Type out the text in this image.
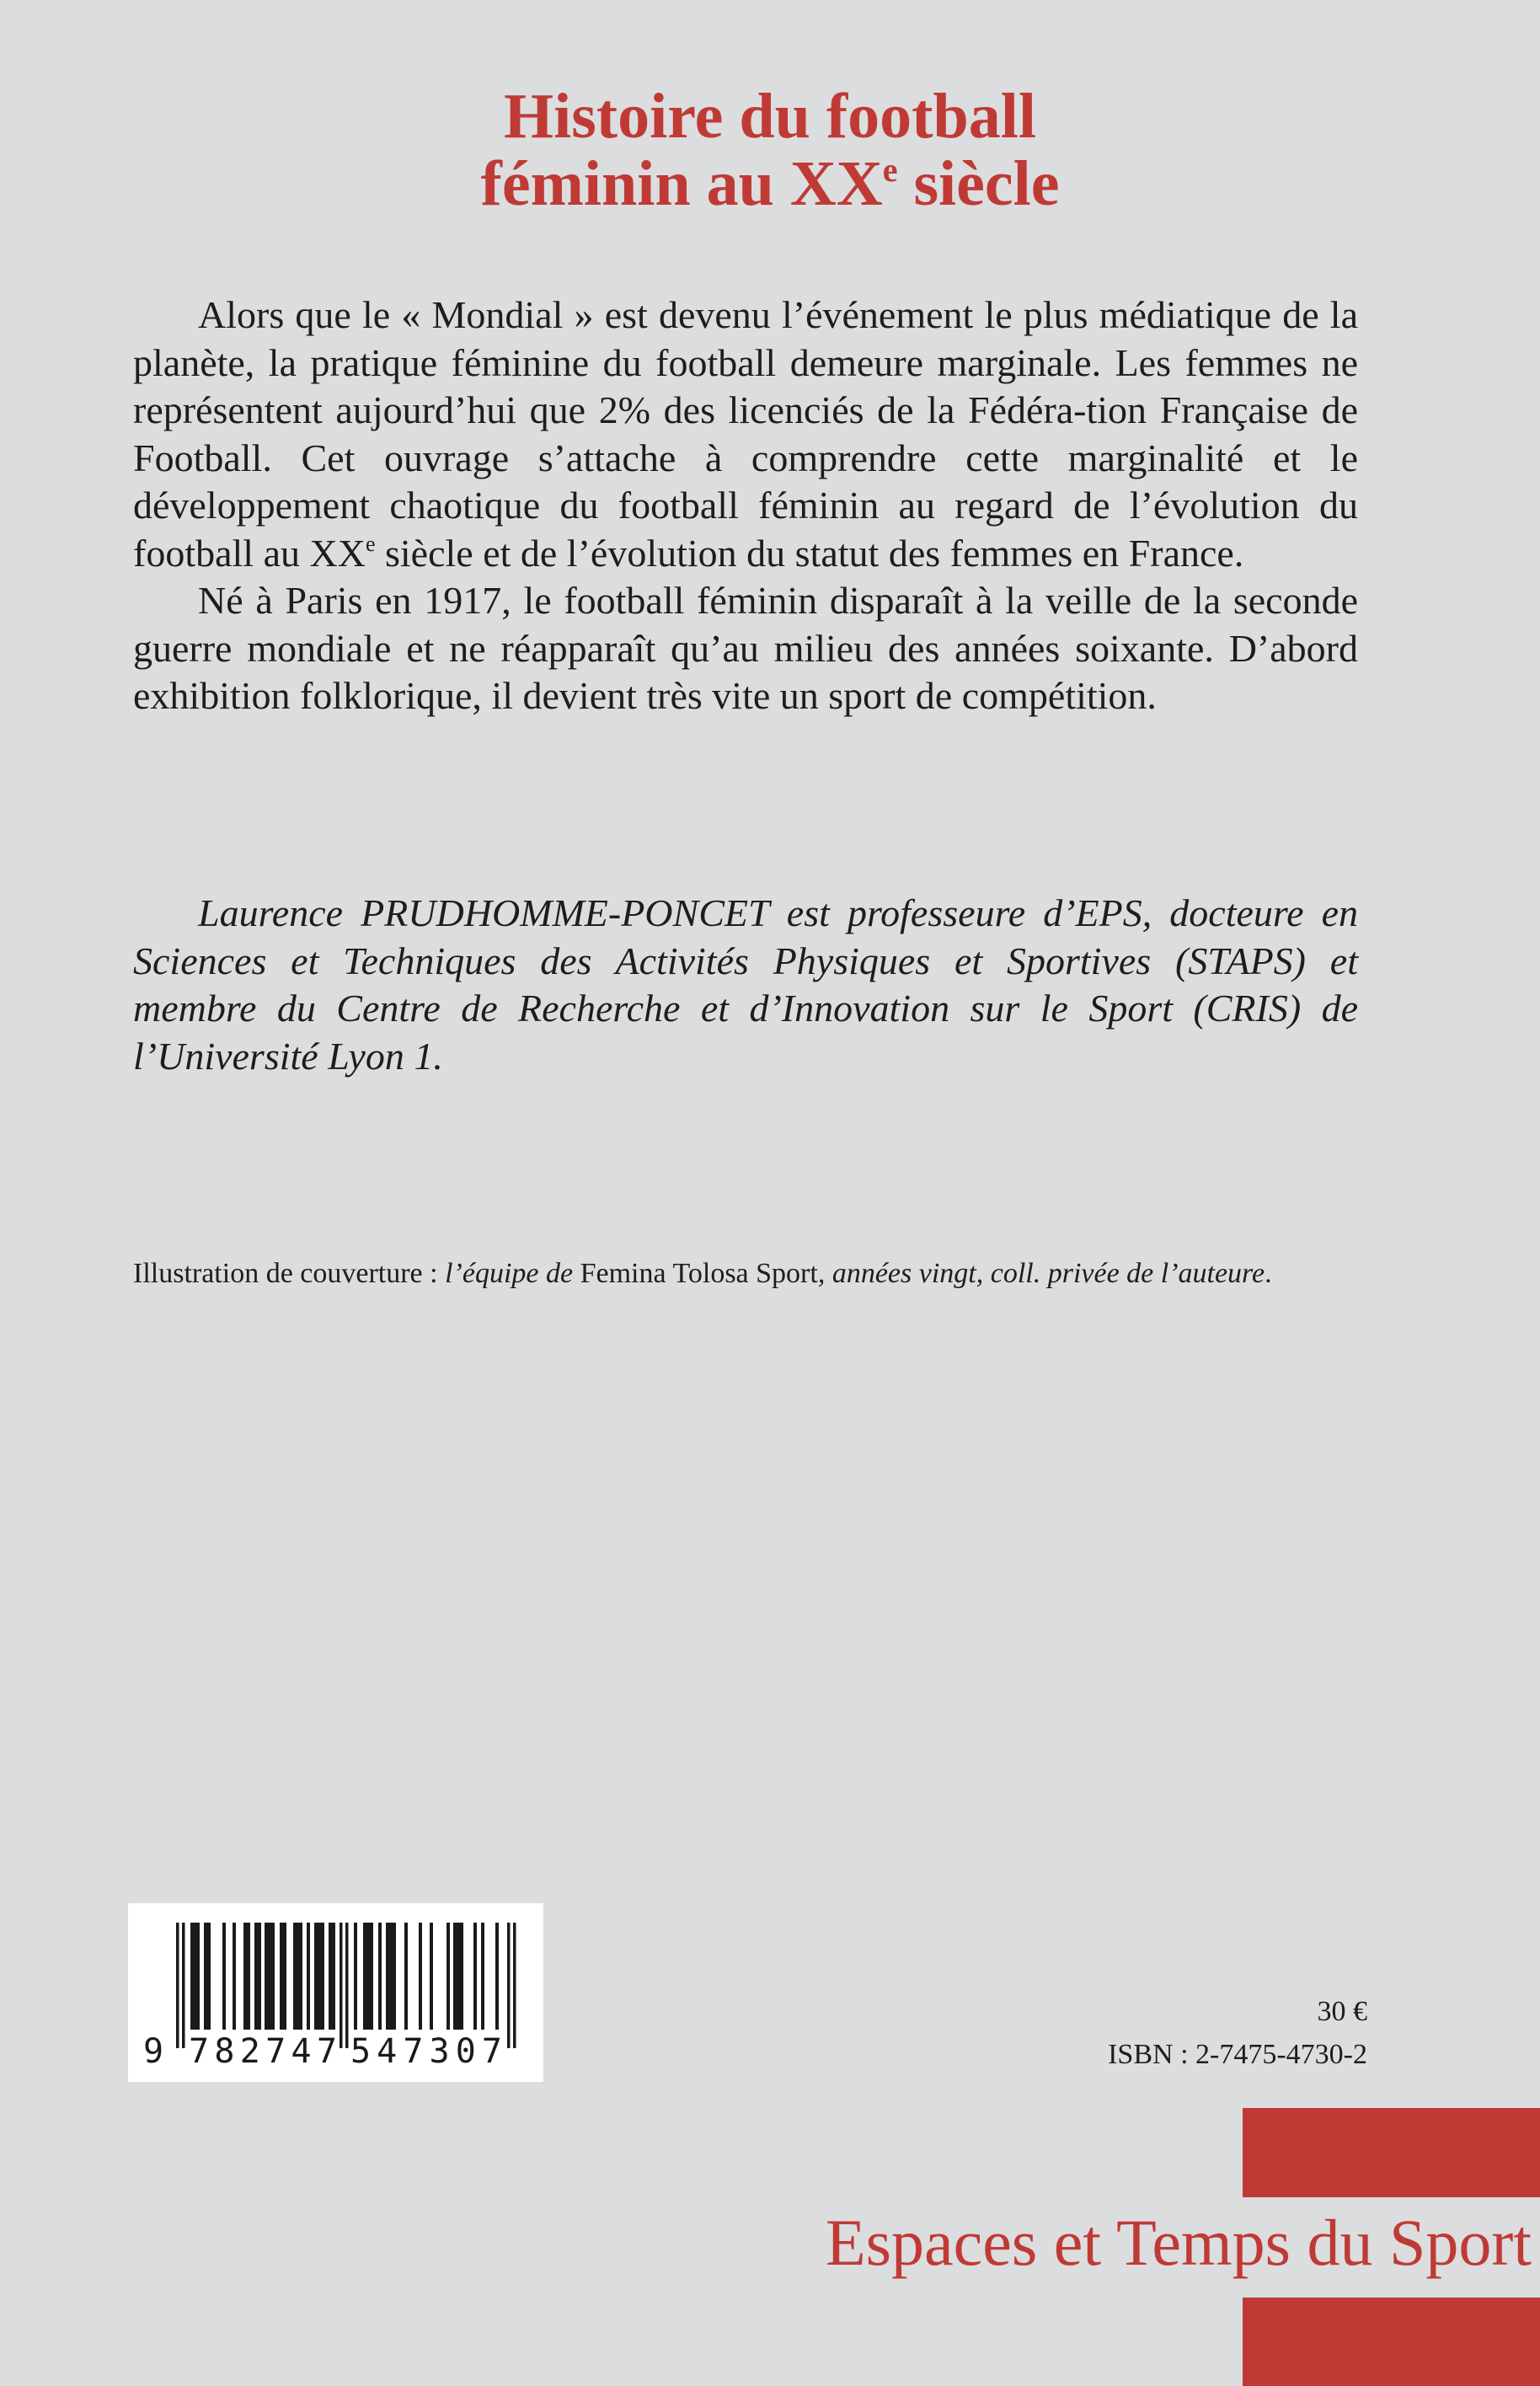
Histoire du football
féminin au XXe siècle

Alors que le « Mondial » est devenu l’événement le plus médiatique de la planète, la pratique féminine du football demeure marginale. Les femmes ne représentent aujourd’hui que 2% des licenciés de la Fédéra-tion Française de Football. Cet ouvrage s’attache à comprendre cette marginalité et le développement chaotique du football féminin au regard de l’évolution du football au XXe siècle et de l’évolution du statut des femmes en France.

Né à Paris en 1917, le football féminin disparaît à la veille de la seconde guerre mondiale et ne réapparaît qu’au milieu des années soixante. D’abord exhibition folklorique, il devient très vite un sport de compétition.

Laurence PRUDHOMME-PONCET est professeure d’EPS, docteure en Sciences et Techniques des Activités Physiques et Sportives (STAPS) et membre du Centre de Recherche et d’Innovation sur le Sport (CRIS) de l’Université Lyon 1.

Illustration de couverture : l’équipe de Femina Tolosa Sport, années vingt, coll. privée de l’auteure.
9 782747 547307
30 €
ISBN : 2-7475-4730-2
Espaces et Temps du Sport
